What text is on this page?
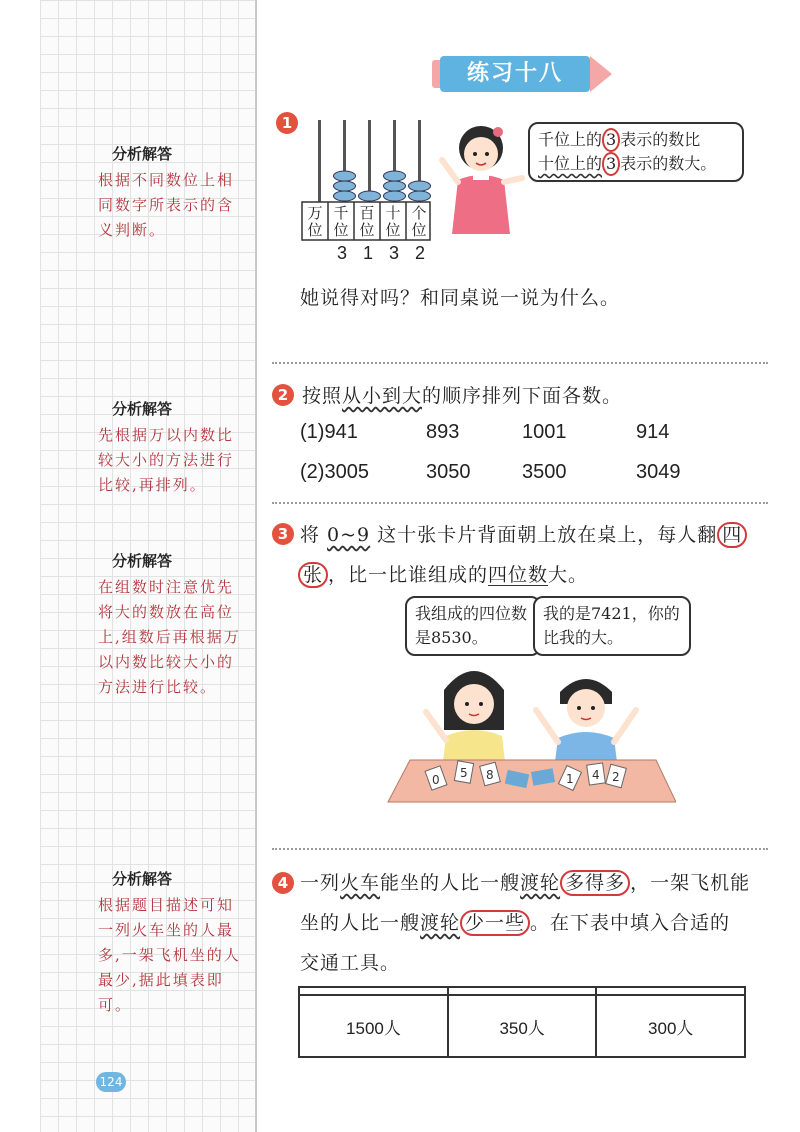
分析解答
根据不同数位上相同数字所表示的含义判断。
分析解答
先根据万以内数比较大小的方法进行比较,再排列。
分析解答
在组数时注意优先将大的数放在高位上,组数后再根据万以内数比较大小的方法进行比较。
分析解答
根据题目描述可知一列火车坐的人最多,一架飞机坐的人最少,据此填表即可。
124
练习十八
1
万位
千位
百位
十位
个位
3 1 3 2
千位上的 3 表示的数比
十位上的 3 表示的数大。
她说得对吗？和同桌说一说为什么。
2 按照从小到大的顺序排列下面各数。
(1)941	893	1001	914
(2)3005	3050	3500	3049
3 将 0~9 这十张卡片背面朝上放在桌上，每人翻 四
张 ，比一比谁组成的四位数大。
我组成的四位数是8530。
我的是7421，你的比我的大。
0 5 8	1 4 2
4 一列火车能坐的人比一艘渡轮 多得多 ，一架飞机能
坐的人比一艘渡轮 少一些 。在下表中填入合适的
交通工具。

1500人	350人	300人
